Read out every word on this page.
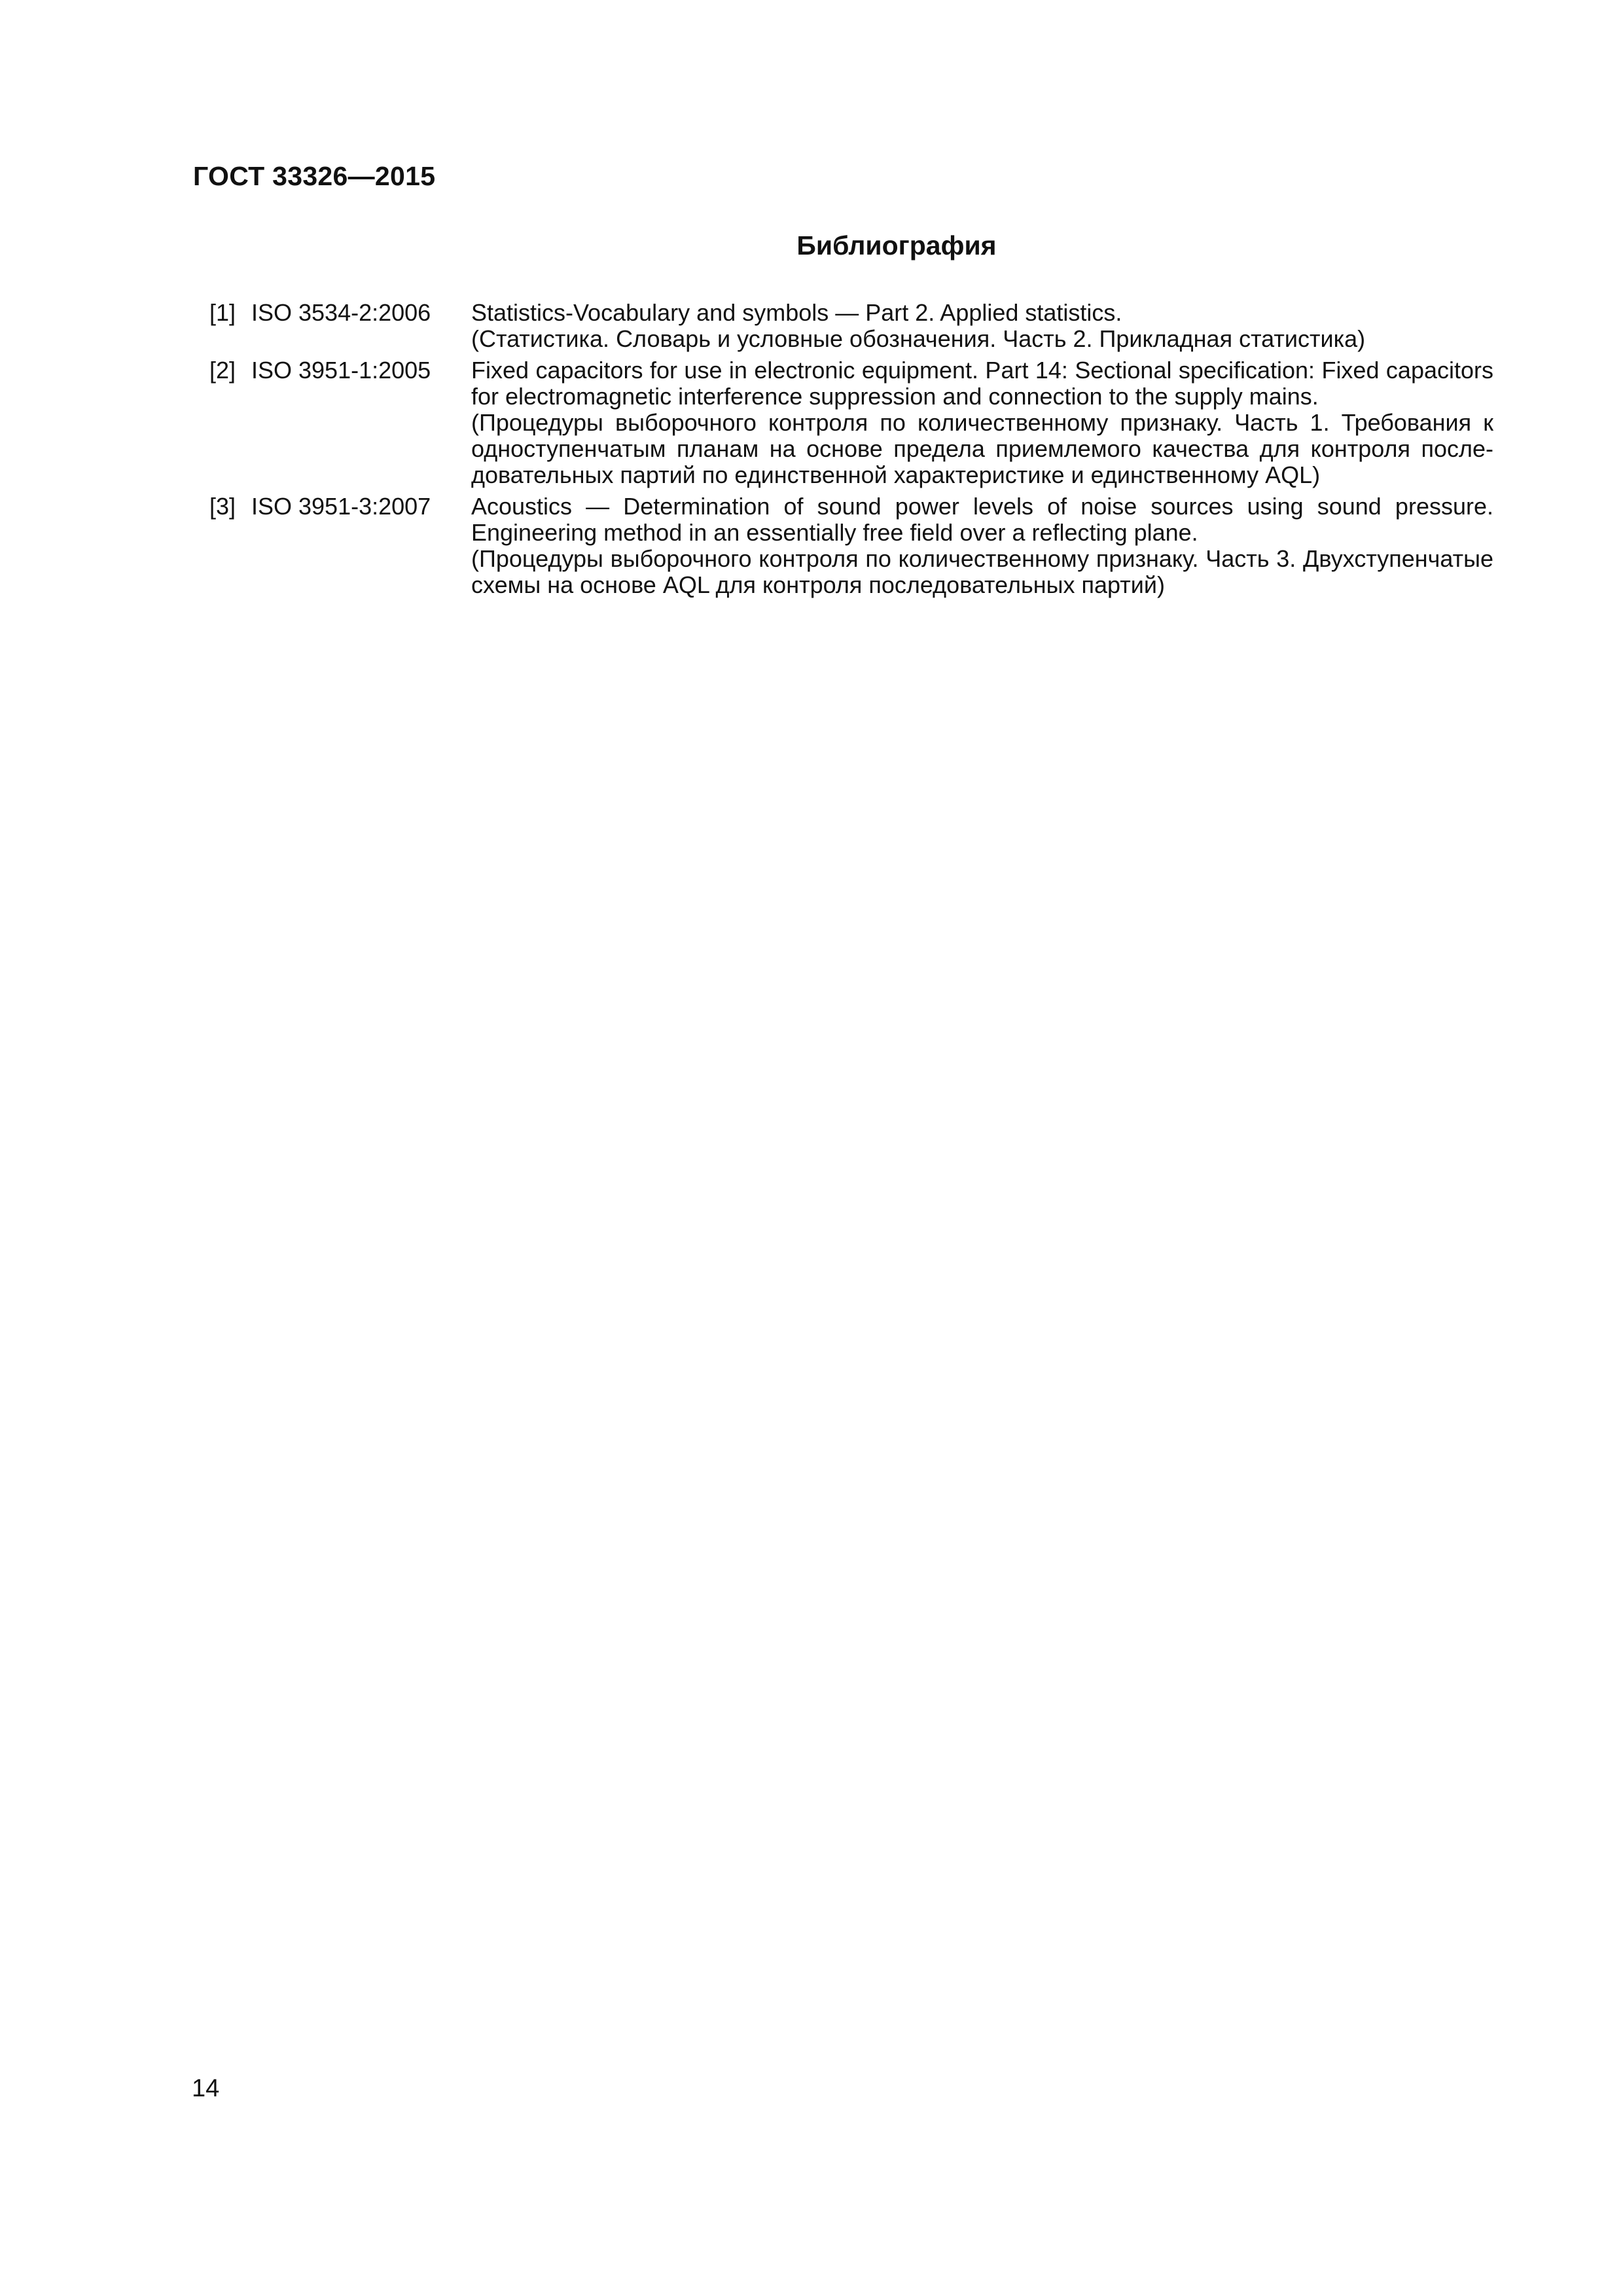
ГОСТ 33326—2015
Библиография
[1] ISO 3534-2:2006	Statistics-Vocabulary and symbols — Part 2. Applied statistics.

(Статистика. Словарь и условные обозначения. Часть 2. Прикладная статистика)

[2] ISO 3951-1:2005	Fixed capacitors for use in electronic equipment. Part 14: Sectional specification: Fixed capacitors for electromagnetic interference suppression and connection to the supply mains.

(Процедуры выборочного контроля по количественному признаку. Часть 1. Требования к одноступенчатым планам на основе предела приемлемого качества для контроля последовательных партий по единственной характеристике и единственному AQL)

[3] ISO 3951-3:2007	Acoustics — Determination of sound power levels of noise sources using sound pressure. Engineering method in an essentially free field over a reflecting plane.

(Процедуры выборочного контроля по количественному признаку. Часть 3. Двухступенчатые схемы на основе AQL для контроля последовательных партий)

14
